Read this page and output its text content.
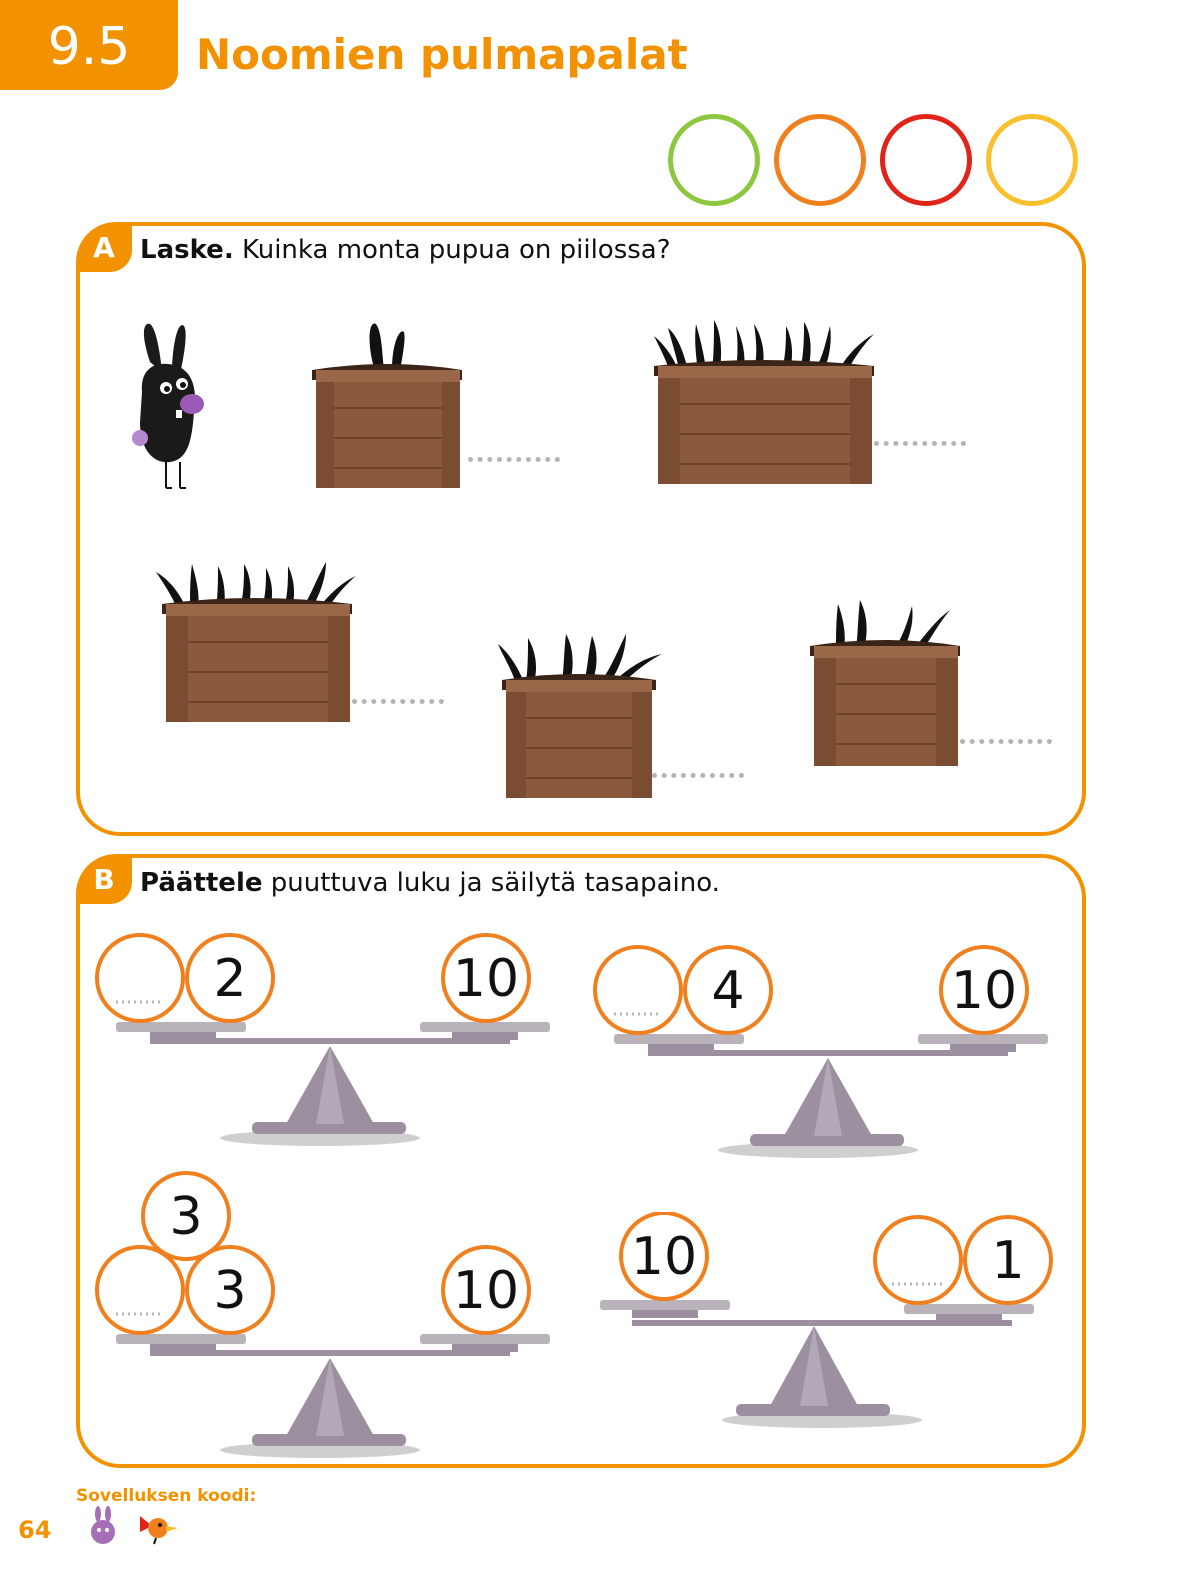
9.5	Noomien pulmapalat
A Laske. Kuinka monta pupua on piilossa?
B Päättele puuttuva luku ja säilytä tasapaino.
2	10	4	10
3
3	10
10	1
Sovelluksen koodi:
64
